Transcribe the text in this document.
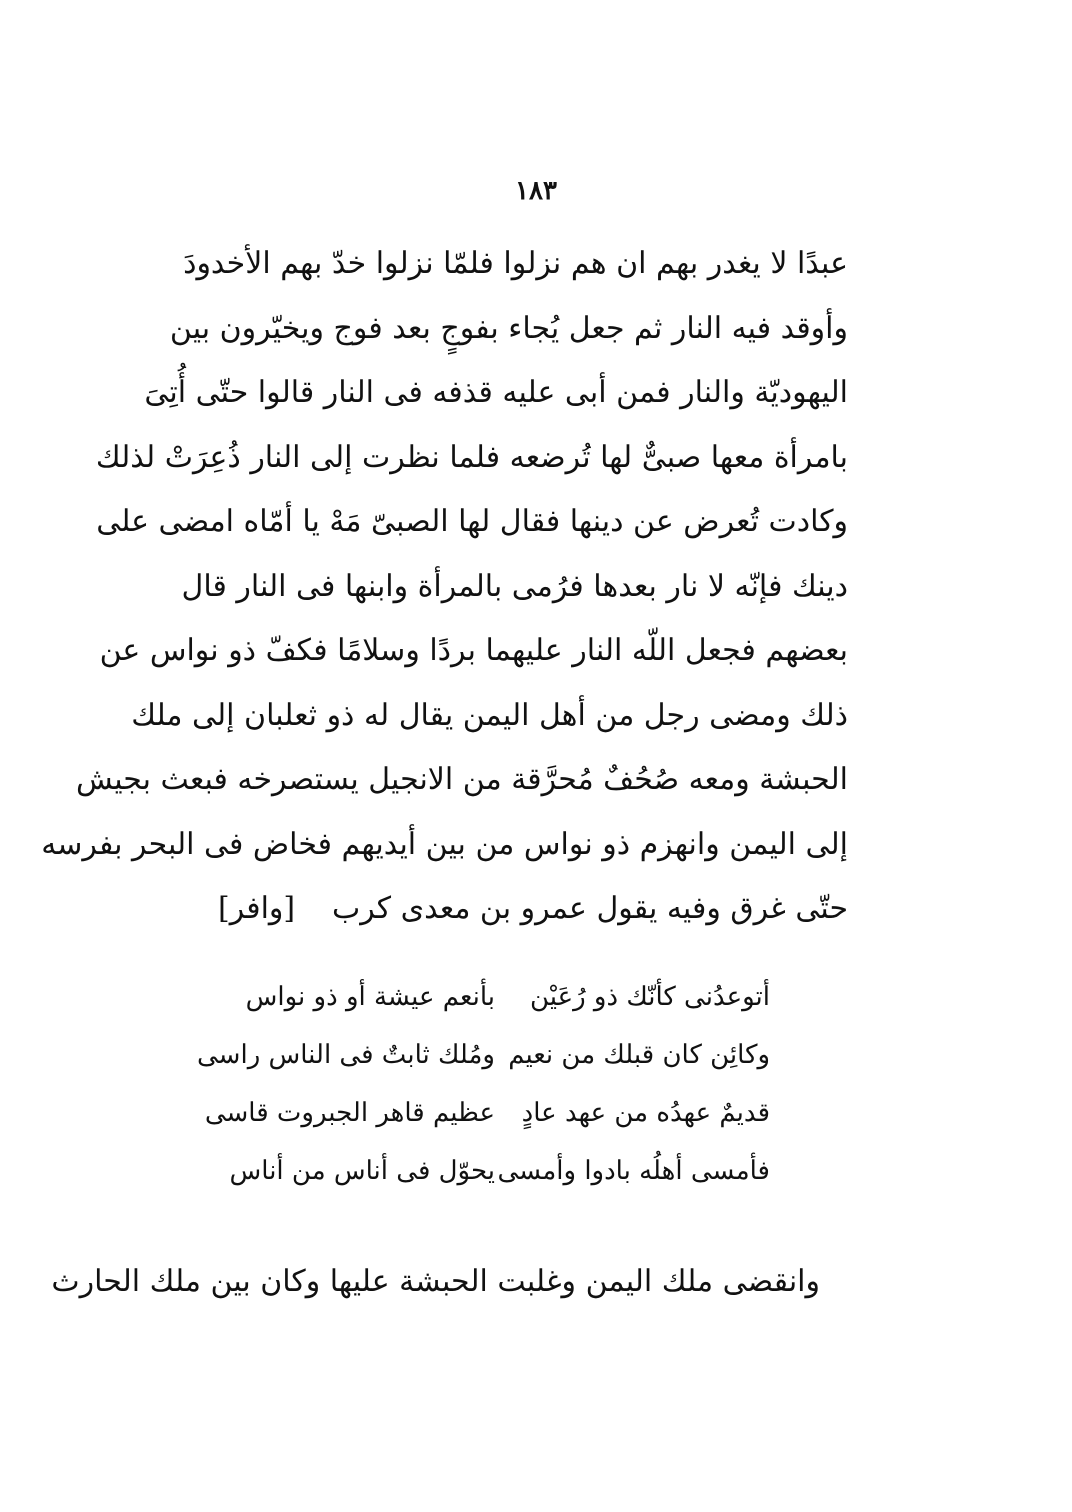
١٨٣
عبدًا لا يغدر بهم ان هم نزلوا فلمّا نزلوا خدّ بهم الأخدودَ
وأوقد فيه النار ثم جعل يُجاء بفوجٍ بعد فوج ويخيّرون بين
اليهوديّة والنار فمن أبى عليه قذفه فى النار قالوا حتّى أُتِىَ
بامرأة معها صبىٌّ لها تُرضعه فلما نظرت إلى النار ذُعِرَتْ لذلك
وكادت تُعرض عن دينها فقال لها الصبىّ مَهْ يا أمّاه امضى على
دينك فإنّه لا نار بعدها فرُمى بالمرأة وابنها فى النار قال
بعضهم فجعل اللّه النار عليهما بردًا وسلامًا فكفّ ذو نواس عن
ذلك ومضى رجل من أهل اليمن يقال له ذو ثعلبان إلى ملك
الحبشة ومعه صُحُفٌ مُحرَّقة من الانجيل يستصرخه فبعث بجيش
إلى اليمن وانهزم ذو نواس من بين أيديهم فخاض فى البحر بفرسه
حتّى غرق وفيه يقول عمرو بن معدى كرب
[وافر]
أتوعدُنى كأنّك ذو رُعَيْن
بأنعم عيشة أو ذو نواس
وكائِن كان قبلك من نعيم
ومُلك ثابتٌ فى الناس راسى
قديمٌ عهدُه من عهد عادٍ
عظيم قاهر الجبروت قاسى
فأمسى أهلُه بادوا وأمسى
يحوّل فى أناس من أناس
وانقضى ملك اليمن وغلبت الحبشة عليها وكان بين ملك الحارث
